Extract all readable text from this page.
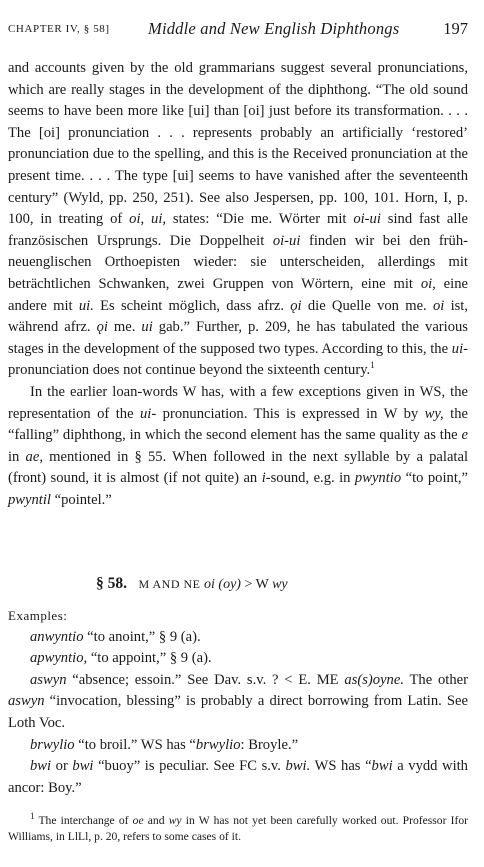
CHAPTER IV, § 58] Middle and New English Diphthongs	197

and accounts given by the old grammarians suggest several pronunciations, which are really stages in the development of the diphthong. “The old sound seems to have been more like [ui] than [oi] just before its transformation. . . . The [oi] pronunciation . . . represents probably an artificially ‘restored’ pronunciation due to the spelling, and this is the Received pronunciation at the present time. . . . The type [ui] seems to have vanished after the seventeenth century” (Wyld, pp. 250, 251). See also Jespersen, pp. 100, 101. Horn, I, p. 100, in treating of oi, ui, states: “Die me. Wörter mit oi-ui sind fast alle französischen Ursprungs. Die Doppelheit oi-ui finden wir bei den früh-neuenglischen Orthoepisten wieder: sie unterscheiden, allerdings mit beträchtlichen Schwanken, zwei Gruppen von Wörtern, eine mit oi, eine andere mit ui. Es scheint möglich, dass afrz. ǫi die Quelle von me. oi ist, während afrz. ǫi me. ui gab.” Further, p. 209, he has tabulated the various stages in the development of the supposed two types. According to this, the ui-pronunciation does not continue beyond the sixteenth century.$^1$

In the earlier loan-words W has, with a few exceptions given in WS, the representation of the ui- pronunciation. This is expressed in W by wy, the “falling” diphthong, in which the second element has the same quality as the e in ae, mentioned in § 55. When followed in the next syllable by a palatal (front) sound, it is almost (if not quite) an i-sound, e.g. in pwyntio “to point,” pwyntil “pointel.”

§ 58. M AND NE oi (oy) > W wy

Examples:

anwyntio “to anoint,” § 9 (a).

apwyntio, “to appoint,” § 9 (a).

aswyn “absence; essoin.” See Dav. s.v. ? < E. ME as(s)oyne. The other aswyn “invocation, blessing” is probably a direct borrowing from Latin. See Loth Voc.

brwylio “to broil.” WS has “brwylio: Broyle.”

bwi or bwi “buoy” is peculiar. See FC s.v. bwi. WS has “bwi a vydd with ancor: Boy.”

$^1$ The interchange of oe and wy in W has not yet been carefully worked out. Professor Ifor Williams, in LlLl, p. 20, refers to some cases of it.
